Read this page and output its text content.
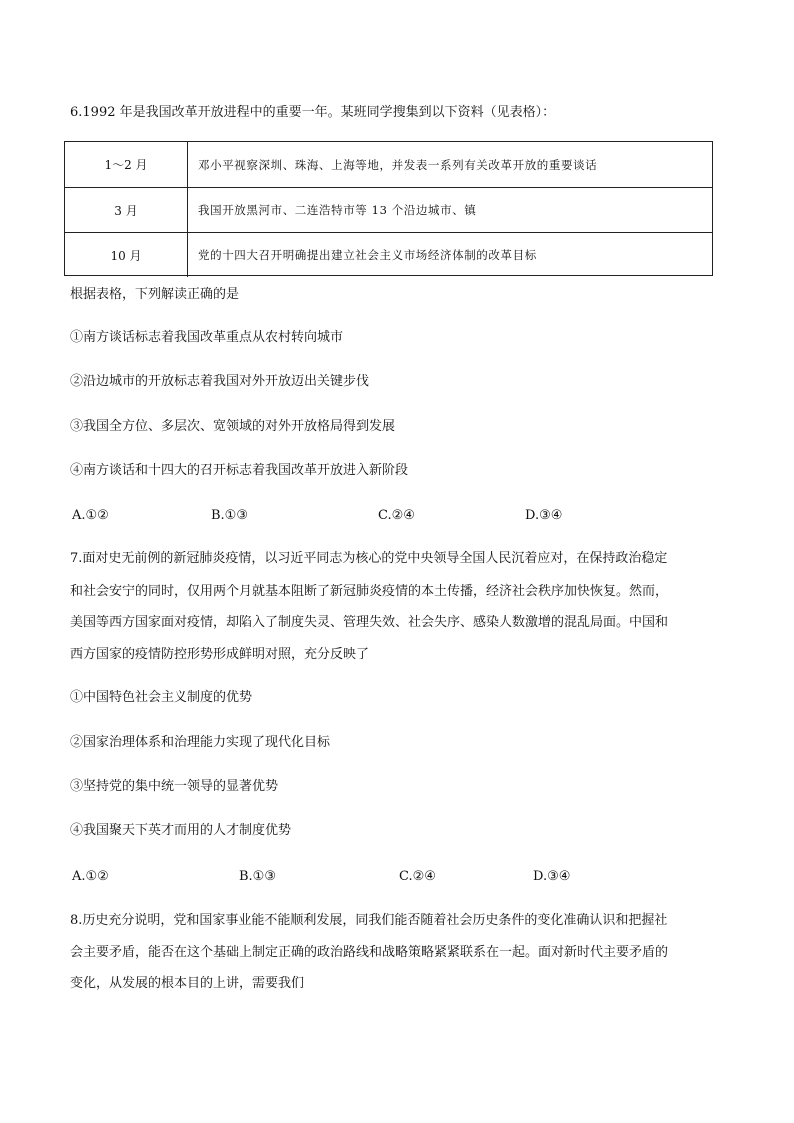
6.1992 年是我国改革开放进程中的重要一年。某班同学搜集到以下资料（见表格）：
1～2 月	邓小平视察深圳、珠海、上海等地，并发表一系列有关改革开放的重要谈话
3 月	我国开放黑河市、二连浩特市等 13 个沿边城市、镇
10 月	党的十四大召开明确提出建立社会主义市场经济体制的改革目标
根据表格，下列解读正确的是
①南方谈话标志着我国改革重点从农村转向城市
②沿边城市的开放标志着我国对外开放迈出关键步伐
③我国全方位、多层次、宽领域的对外开放格局得到发展
④南方谈话和十四大的召开标志着我国改革开放进入新阶段
A.①②	B.①③	C.②④	D.③④
7.面对史无前例的新冠肺炎疫情，以习近平同志为核心的党中央领导全国人民沉着应对，在保持政治稳定
和社会安宁的同时，仅用两个月就基本阻断了新冠肺炎疫情的本土传播，经济社会秩序加快恢复。然而，
美国等西方国家面对疫情，却陷入了制度失灵、管理失效、社会失序、感染人数激增的混乱局面。中国和
西方国家的疫情防控形势形成鲜明对照，充分反映了
①中国特色社会主义制度的优势
②国家治理体系和治理能力实现了现代化目标
③坚持党的集中统一领导的显著优势
④我国聚天下英才而用的人才制度优势
A.①②	B.①③	C.②④	D.③④
8.历史充分说明，党和国家事业能不能顺利发展，同我们能否随着社会历史条件的变化准确认识和把握社
会主要矛盾，能否在这个基础上制定正确的政治路线和战略策略紧紧联系在一起。面对新时代主要矛盾的
变化，从发展的根本目的上讲，需要我们
